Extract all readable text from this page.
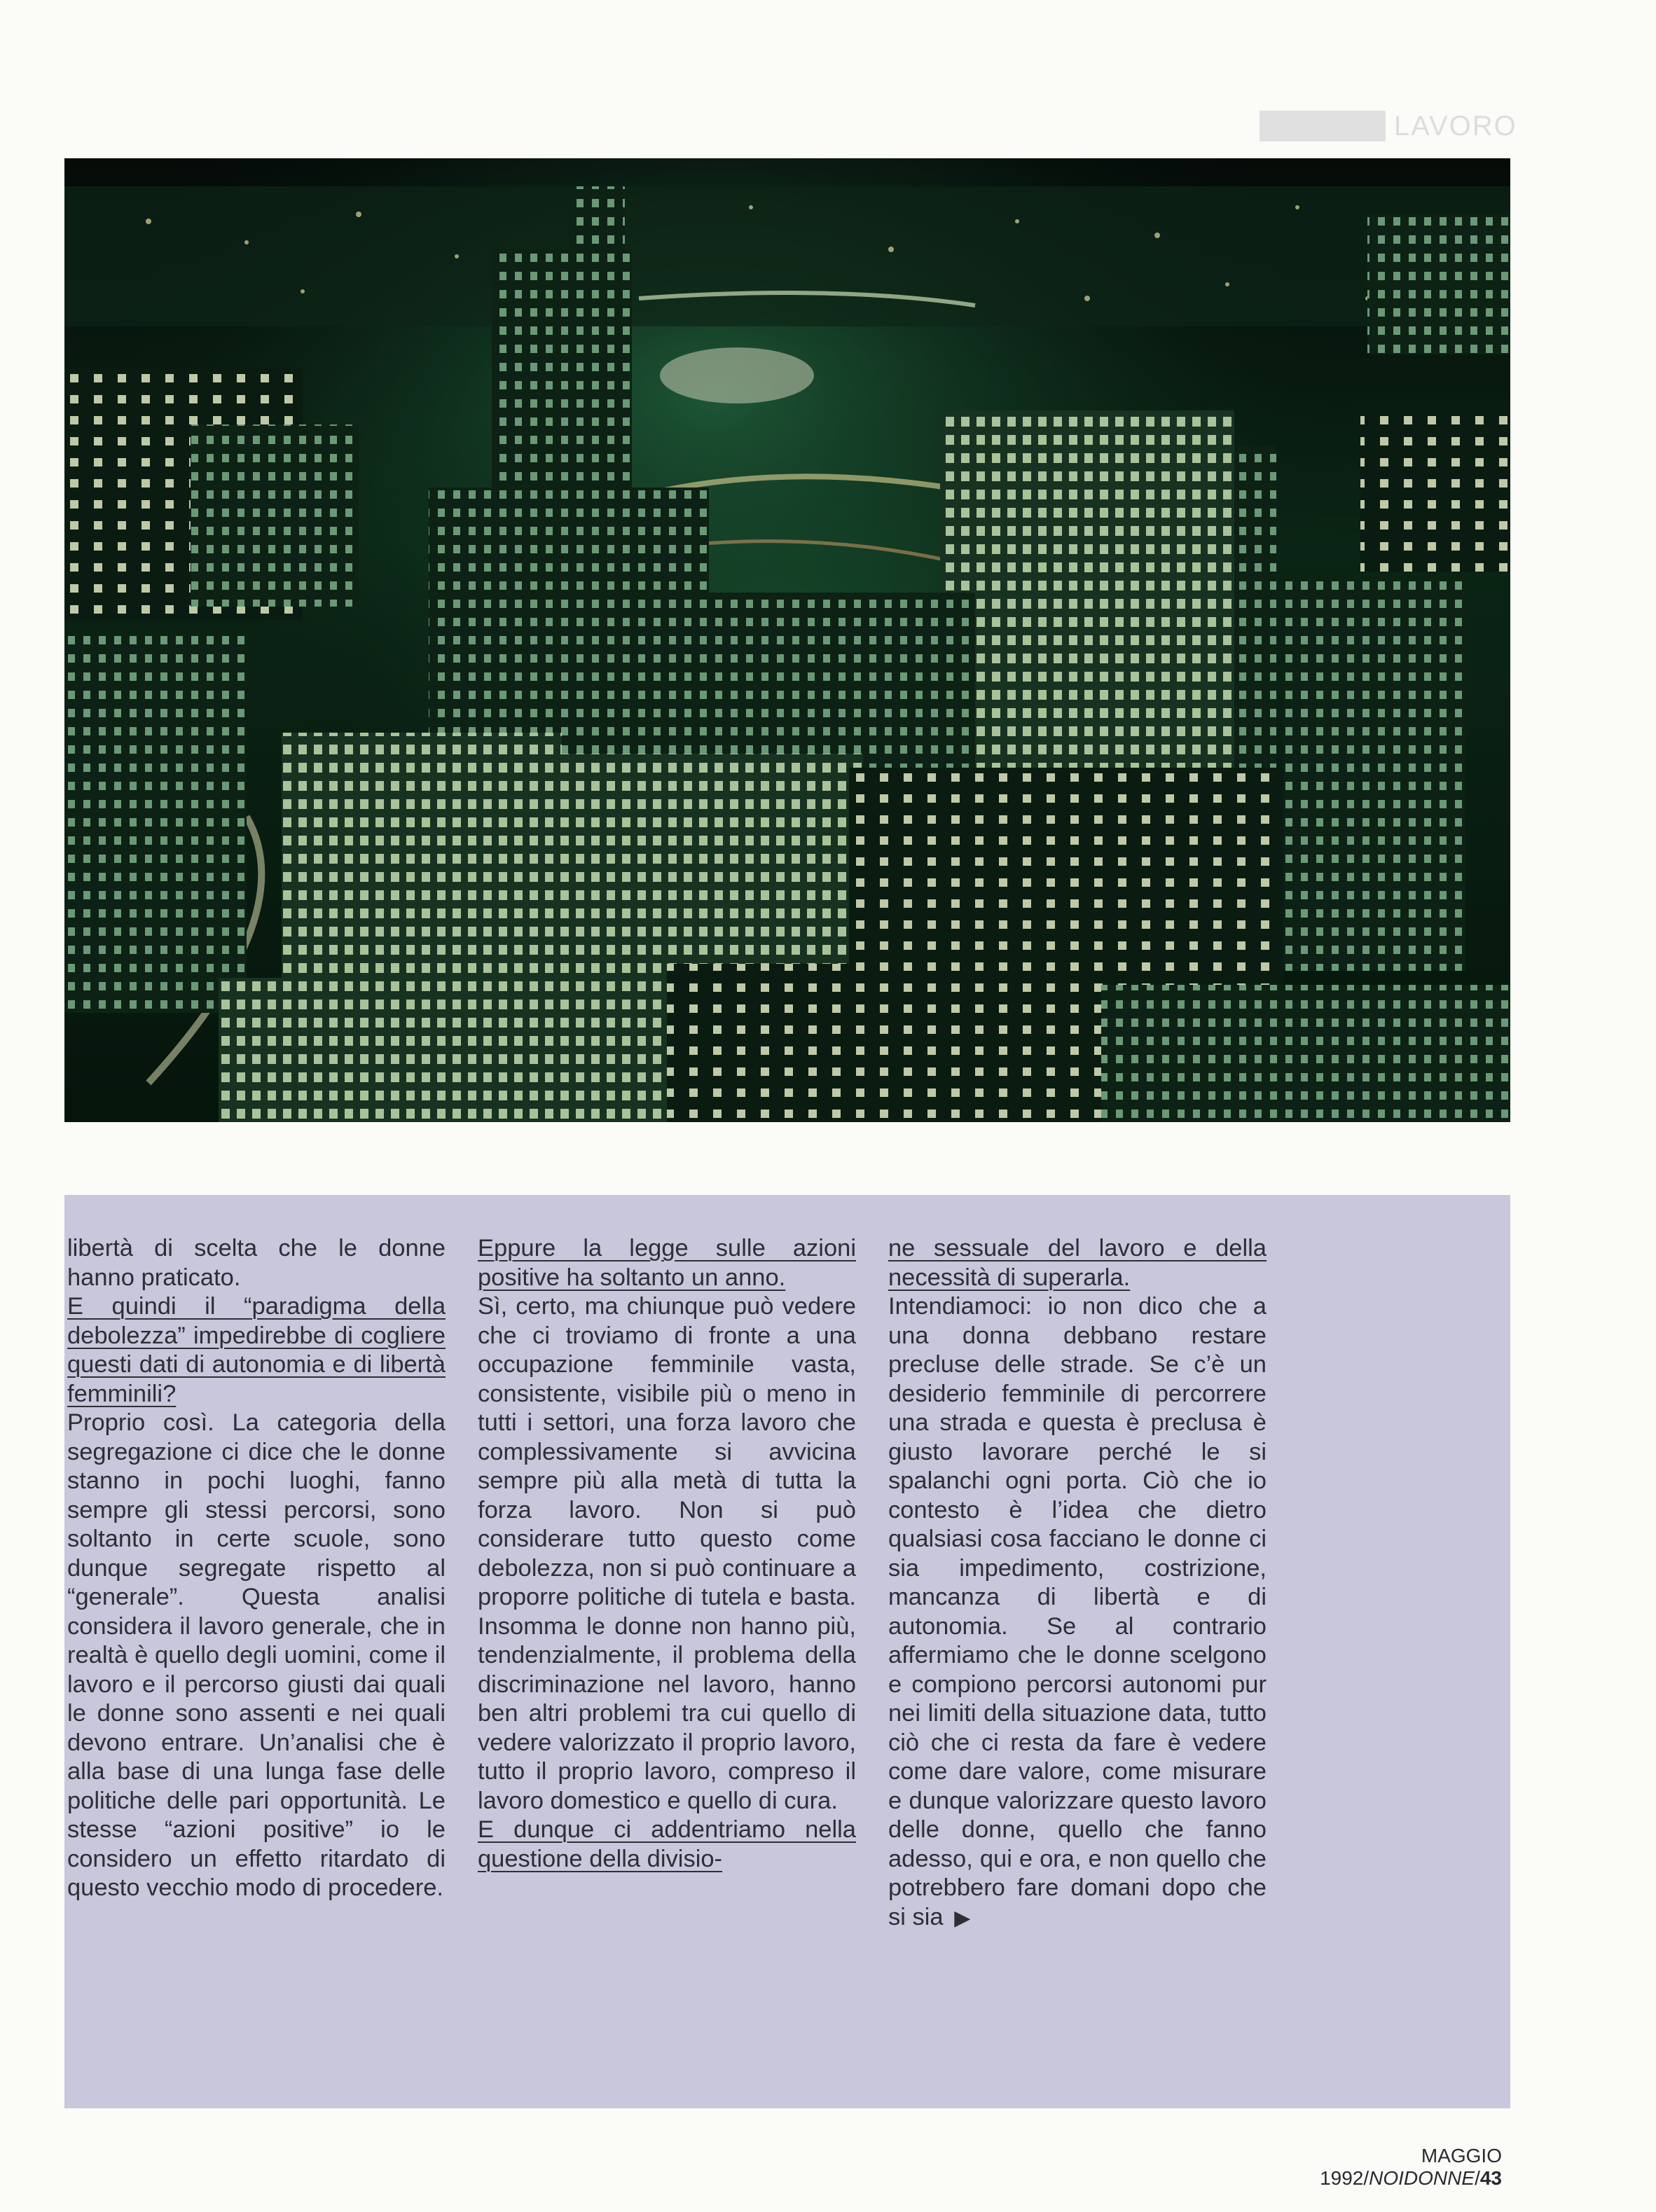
LAVORO

libertà di scelta che le donne hanno praticato.

E quindi il “paradigma della debolezza” impedirebbe di cogliere questi dati di autonomia e di libertà femminili?

Proprio così. La categoria della segregazione ci dice che le donne stanno in pochi luoghi, fanno sempre gli stessi percorsi, sono soltanto in certe scuole, sono dunque segregate rispetto al “generale”. Questa analisi considera il lavoro generale, che in realtà è quello degli uomini, come il lavoro e il percorso giusti dai quali le donne sono assenti e nei quali devono entrare. Un’analisi che è alla base di una lunga fase delle politiche delle pari opportunità. Le stesse “azioni positive” io le considero un effetto ritardato di questo vecchio modo di procedere.

Eppure la legge sulle azioni positive ha soltanto un anno.

Sì, certo, ma chiunque può vedere che ci troviamo di fronte a una occupazione femminile vasta, consistente, visibile più o meno in tutti i settori, una forza lavoro che complessivamente si avvicina sempre più alla metà di tutta la forza lavoro. Non si può considerare tutto questo come debolezza, non si può continuare a proporre politiche di tutela e basta. Insomma le donne non hanno più, tendenzialmente, il problema della discriminazione nel lavoro, hanno ben altri problemi tra cui quello di vedere valorizzato il proprio lavoro, tutto il proprio lavoro, compreso il lavoro domestico e quello di cura.

E dunque ci addentriamo nella questione della divisio-

ne sessuale del lavoro e della necessità di superarla.

Intendiamoci: io non dico che a una donna debbano restare precluse delle strade. Se c’è un desiderio femminile di percorrere una strada e questa è preclusa è giusto lavorare perché le si spalanchi ogni porta. Ciò che io contesto è l’idea che dietro qualsiasi cosa facciano le donne ci sia impedimento, costrizione, mancanza di libertà e di autonomia. Se al contrario affermiamo che le donne scelgono e compiono percorsi autonomi pur nei limiti della situazione data, tutto ciò che ci resta da fare è vedere come dare valore, come misurare e dunque valorizzare questo lavoro delle donne, quello che fanno adesso, qui e ora, e non quello che potrebbero fare domani dopo che si sia ▶

MAGGIO 1992/NOIDONNE/43
